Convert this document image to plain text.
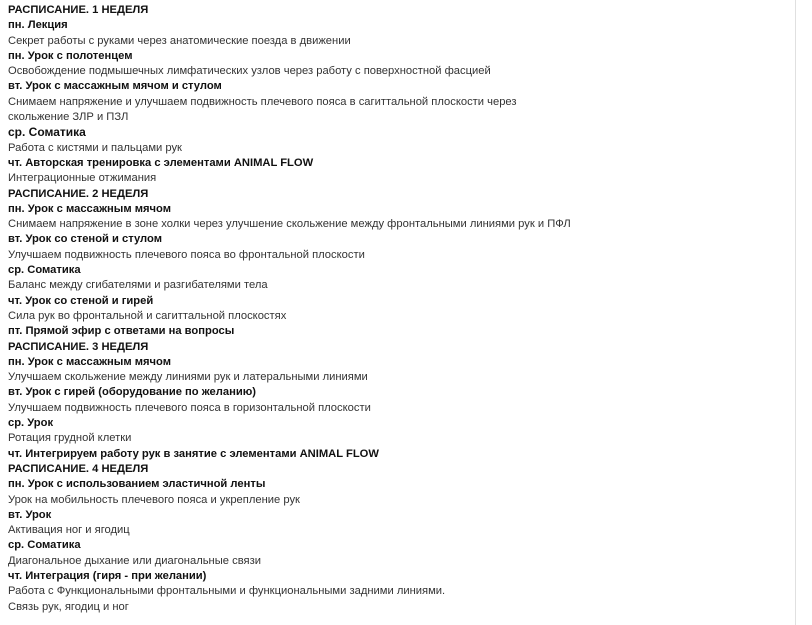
РАСПИСАНИЕ. 1 НЕДЕЛЯ
пн. Лекция
Секрет работы с руками через анатомические поезда в движении
пн. Урок с полотенцем
Освобождение подмышечных лимфатических узлов через работу с поверхностной фасцией
вт. Урок с массажным мячом и стулом
Снимаем напряжение и улучшаем подвижность плечевого пояса в сагиттальной плоскости через
скольжение ЗЛР и ПЗЛ
ср. Соматика
Работа с кистями и пальцами рук
чт. Авторская тренировка с элементами ANIMAL FLOW
Интеграционные отжимания
РАСПИСАНИЕ. 2 НЕДЕЛЯ
пн. Урок с массажным мячом
Снимаем напряжение в зоне холки через улучшение скольжение между фронтальными линиями рук и ПФЛ
вт. Урок со стеной и стулом
Улучшаем подвижность плечевого пояса во фронтальной плоскости
ср. Соматика
Баланс между сгибателями и разгибателями тела
чт. Урок со стеной и гирей
Сила рук во фронтальной и сагиттальной плоскостях
пт. Прямой эфир с ответами на вопросы
РАСПИСАНИЕ. 3 НЕДЕЛЯ
пн. Урок с массажным мячом
Улучшаем скольжение между линиями рук и латеральными линиями
вт. Урок с гирей (оборудование по желанию)
Улучшаем подвижность плечевого пояса в горизонтальной плоскости
ср. Урок
Ротация грудной клетки
чт. Интегрируем работу рук в занятие с элементами ANIMAL FLOW
РАСПИСАНИЕ. 4 НЕДЕЛЯ
пн. Урок с использованием эластичной ленты
Урок на мобильность плечевого пояса и укрепление рук
вт. Урок
Активация ног и ягодиц
ср. Соматика
Диагональное дыхание или диагональные связи
чт. Интеграция (гиря - при желании)
Работа с Функциональными фронтальными и функциональными задними линиями.
Связь рук, ягодиц и ног
